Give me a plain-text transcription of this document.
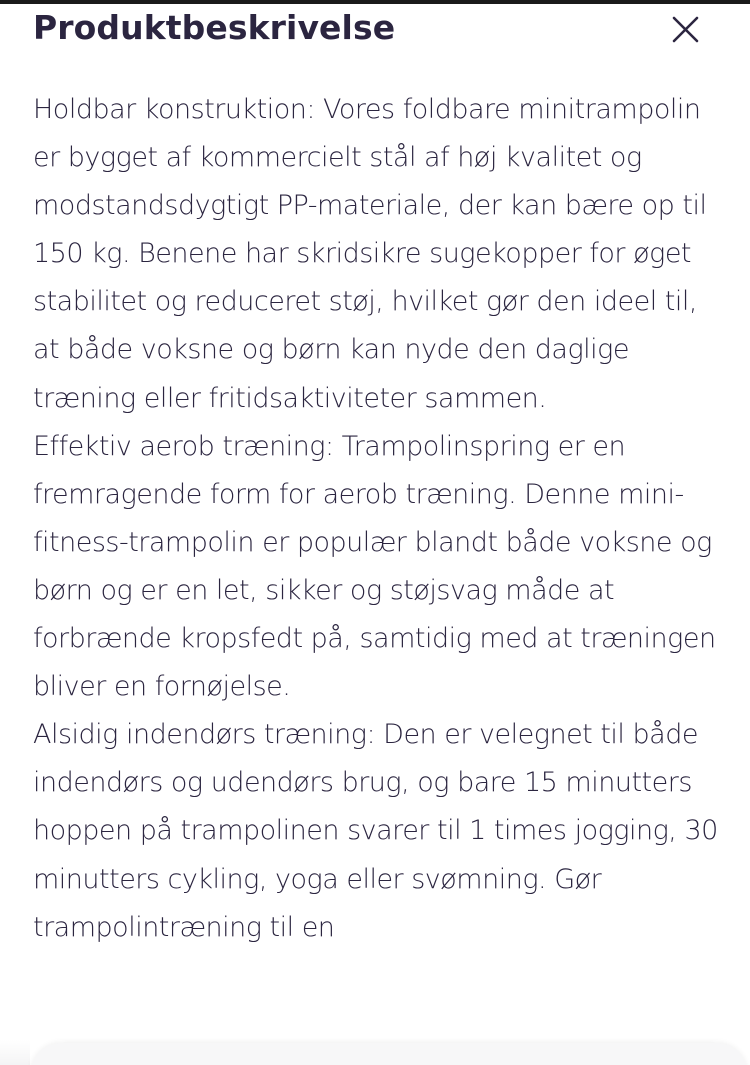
Produktbeskrivelse

Holdbar konstruktion: Vores foldbare minitrampolin er bygget af kommercielt stål af høj kvalitet og modstandsdygtigt PP-materiale, der kan bære op til 150 kg. Benene har skridsikre sugekopper for øget stabilitet og reduceret støj, hvilket gør den ideel til, at både voksne og børn kan nyde den daglige træning eller fritidsaktiviteter sammen.

Effektiv aerob træning: Trampolinspring er en fremragende form for aerob træning. Denne mini-fitness-trampolin er populær blandt både voksne og børn og er en let, sikker og støjsvag måde at forbrænde kropsfedt på, samtidig med at træningen bliver en fornøjelse.

Alsidig indendørs træning: Den er velegnet til både indendørs og udendørs brug, og bare 15 minutters hoppen på trampolinen svarer til 1 times jogging, 30 minutters cykling, yoga eller svømning. Gør trampolintræning til en
